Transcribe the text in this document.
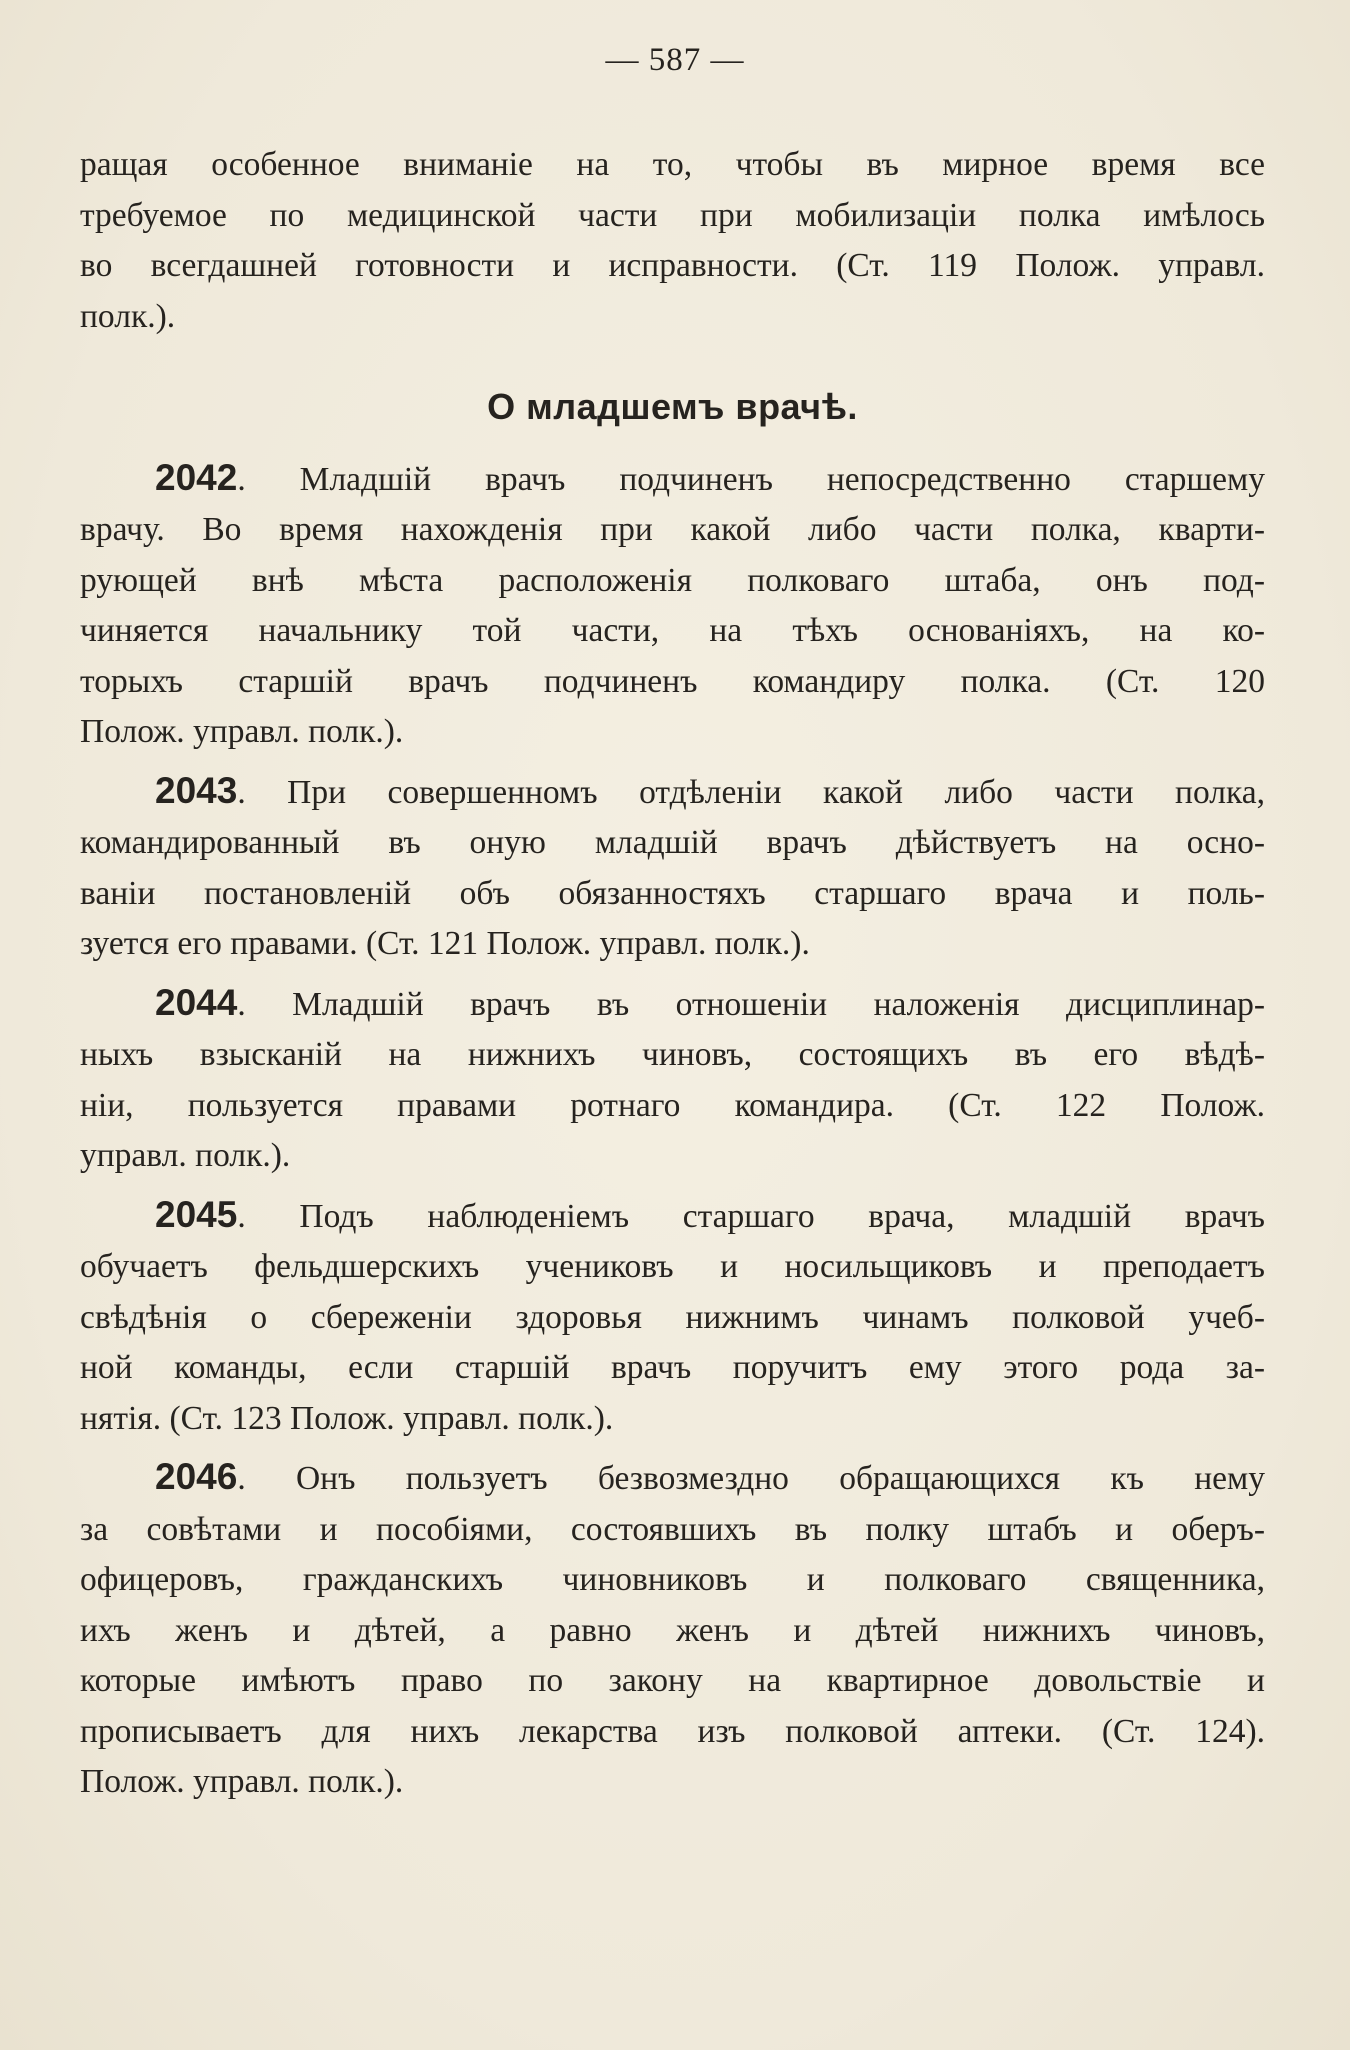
— 587 —
ращая особенное вниманіе на то, чтобы въ мирное время все
требуемое по медицинской части при мобилизаціи полка имѣлось
во всегдашней готовности и исправности. (Ст. 119 Полож. управл.
полк.).
О младшемъ врачѣ.
2042. Младшій врачъ подчиненъ непосредственно старшему
врачу. Во время нахожденія при какой либо части полка, кварти-
рующей внѣ мѣста расположенія полковаго штаба, онъ под-
чиняется начальнику той части, на тѣхъ основаніяхъ, на ко-
торыхъ старшій врачъ подчиненъ командиру полка. (Ст. 120
Полож. управл. полк.).
2043. При совершенномъ отдѣленіи какой либо части полка,
командированный въ оную младшій врачъ дѣйствуетъ на осно-
ваніи постановленій объ обязанностяхъ старшаго врача и поль-
зуется его правами. (Ст. 121 Полож. управл. полк.).
2044. Младшій врачъ въ отношеніи наложенія дисциплинар-
ныхъ взысканій на нижнихъ чиновъ, состоящихъ въ его вѣдѣ-
ніи, пользуется правами ротнаго командира. (Ст. 122 Полож.
управл. полк.).
2045. Подъ наблюденіемъ старшаго врача, младшій врачъ
обучаетъ фельдшерскихъ учениковъ и носильщиковъ и преподаетъ
свѣдѣнія о сбереженіи здоровья нижнимъ чинамъ полковой учеб-
ной команды, если старшій врачъ поручитъ ему этого рода за-
нятія. (Ст. 123 Полож. управл. полк.).
2046. Онъ пользуетъ безвозмездно обращающихся къ нему
за совѣтами и пособіями, состоявшихъ въ полку штабъ и оберъ-
офицеровъ, гражданскихъ чиновниковъ и полковаго священника,
ихъ женъ и дѣтей, а равно женъ и дѣтей нижнихъ чиновъ,
которые имѣютъ право по закону на квартирное довольствіе и
прописываетъ для нихъ лекарства изъ полковой аптеки. (Ст. 124).
Полож. управл. полк.).
